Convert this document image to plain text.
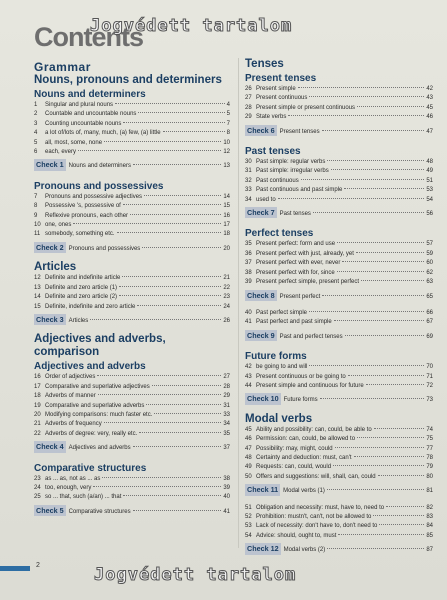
Contents
Jogvédett tartalom
Grammar
Nouns, pronouns and determiners
Nouns and determiners
1	Singular and plural nouns	4
2	Countable and uncountable nouns	5
3	Counting uncountable nouns	7
4	a lot of/lots of, many, much, (a) few, (a) little	8
5	all, most, some, none	10
6	each, every	12
Check 1 Nouns and determiners	13
Pronouns and possessives
7	Pronouns and possessive adjectives	14
8	Possessive 's, possessive of	15
9	Reflexive pronouns, each other	16
10 one, ones	17
11 somebody, something etc.	18
Check 2 Pronouns and possessives	20
Articles
12 Definite and indefinite article	21
13 Definite and zero article (1)	22
14 Definite and zero article (2)	23
15 Definite, indefinite and zero article	24
Check 3 Articles	26
Adjectives and adverbs, comparison
Adjectives and adverbs
16 Order of adjectives	27
17 Comparative and superlative adjectives	28
18 Adverbs of manner	29
19 Comparative and superlative adverbs	31
20 Modifying comparisons: much faster etc.	33
21 Adverbs of frequency	34
22 Adverbs of degree: very, really etc.	35
Check 4 Adjectives and adverbs	37
Comparative structures
23 as ... as, not as ... as	38
24 too, enough, very	39
25 so ... that, such (a/an) ... that	40
Check 5 Comparative structures	41
Tenses
Present tenses
26 Present simple	42
27 Present continuous	43
28 Present simple or present continuous	45
29 State verbs	46
Check 6 Present tenses	47
Past tenses
30 Past simple: regular verbs	48
31 Past simple: irregular verbs	49
32 Past continuous	51
33 Past continuous and past simple	53
34 used to	54
Check 7 Past tenses	56
Perfect tenses
35 Present perfect: form and use	57
36 Present perfect with just, already, yet	59
37 Present perfect with ever, never	60
38 Present perfect with for, since	62
39 Present perfect simple, present perfect	63
Check 8 Present perfect	65
40 Past perfect simple	66
41 Past perfect and past simple	67
Check 9 Past and perfect tenses	69
Future forms
42 be going to and will	70
43 Present continuous or be going to	71
44 Present simple and continuous for future	72
Check 10 Future forms	73
Modal verbs
45 Ability and possibility: can, could, be able to	74
46 Permission: can, could, be allowed to	75
47 Possibility: may, might, could	77
48 Certainty and deduction: must, can't	78
49 Requests: can, could, would	79
50 Offers and suggestions: will, shall, can, could	80
Check 11 Modal verbs (1)	81
51 Obligation and necessity: must, have to, need to	82
52 Prohibition: mustn't, can't, not be allowed to	83
53 Lack of necessity: don't have to, don't need to	84
54 Advice: should, ought to, must	85
Check 12 Modal verbs (2)	87
2	Jogvédett tartalom
